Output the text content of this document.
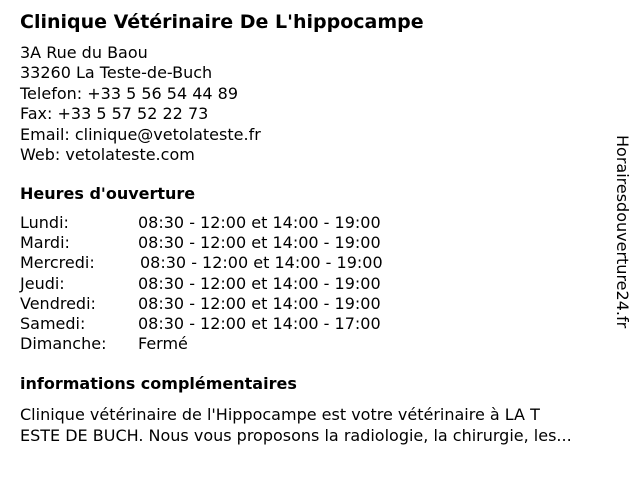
Clinique Vétérinaire De L'hippocampe
3A Rue du Baou
33260 La Teste-de-Buch
Telefon: +33 5 56 54 44 89
Fax: +33 5 57 52 22 73
Email: clinique@vetolateste.fr
Web: vetolateste.com
Heures d'ouverture
Lundi:	08:30 - 12:00 et 14:00 - 19:00
Mardi:	08:30 - 12:00 et 14:00 - 19:00
Mercredi:	08:30 - 12:00 et 14:00 - 19:00
Jeudi:	08:30 - 12:00 et 14:00 - 19:00
Vendredi:	08:30 - 12:00 et 14:00 - 19:00
Samedi:	08:30 - 12:00 et 14:00 - 17:00
Dimanche: Fermé
informations complémentaires
Clinique vétérinaire de l'Hippocampe est votre vétérinaire à LA T
ESTE DE BUCH. Nous vous proposons la radiologie, la chirurgie, les...
Horairesdouverture24.fr
